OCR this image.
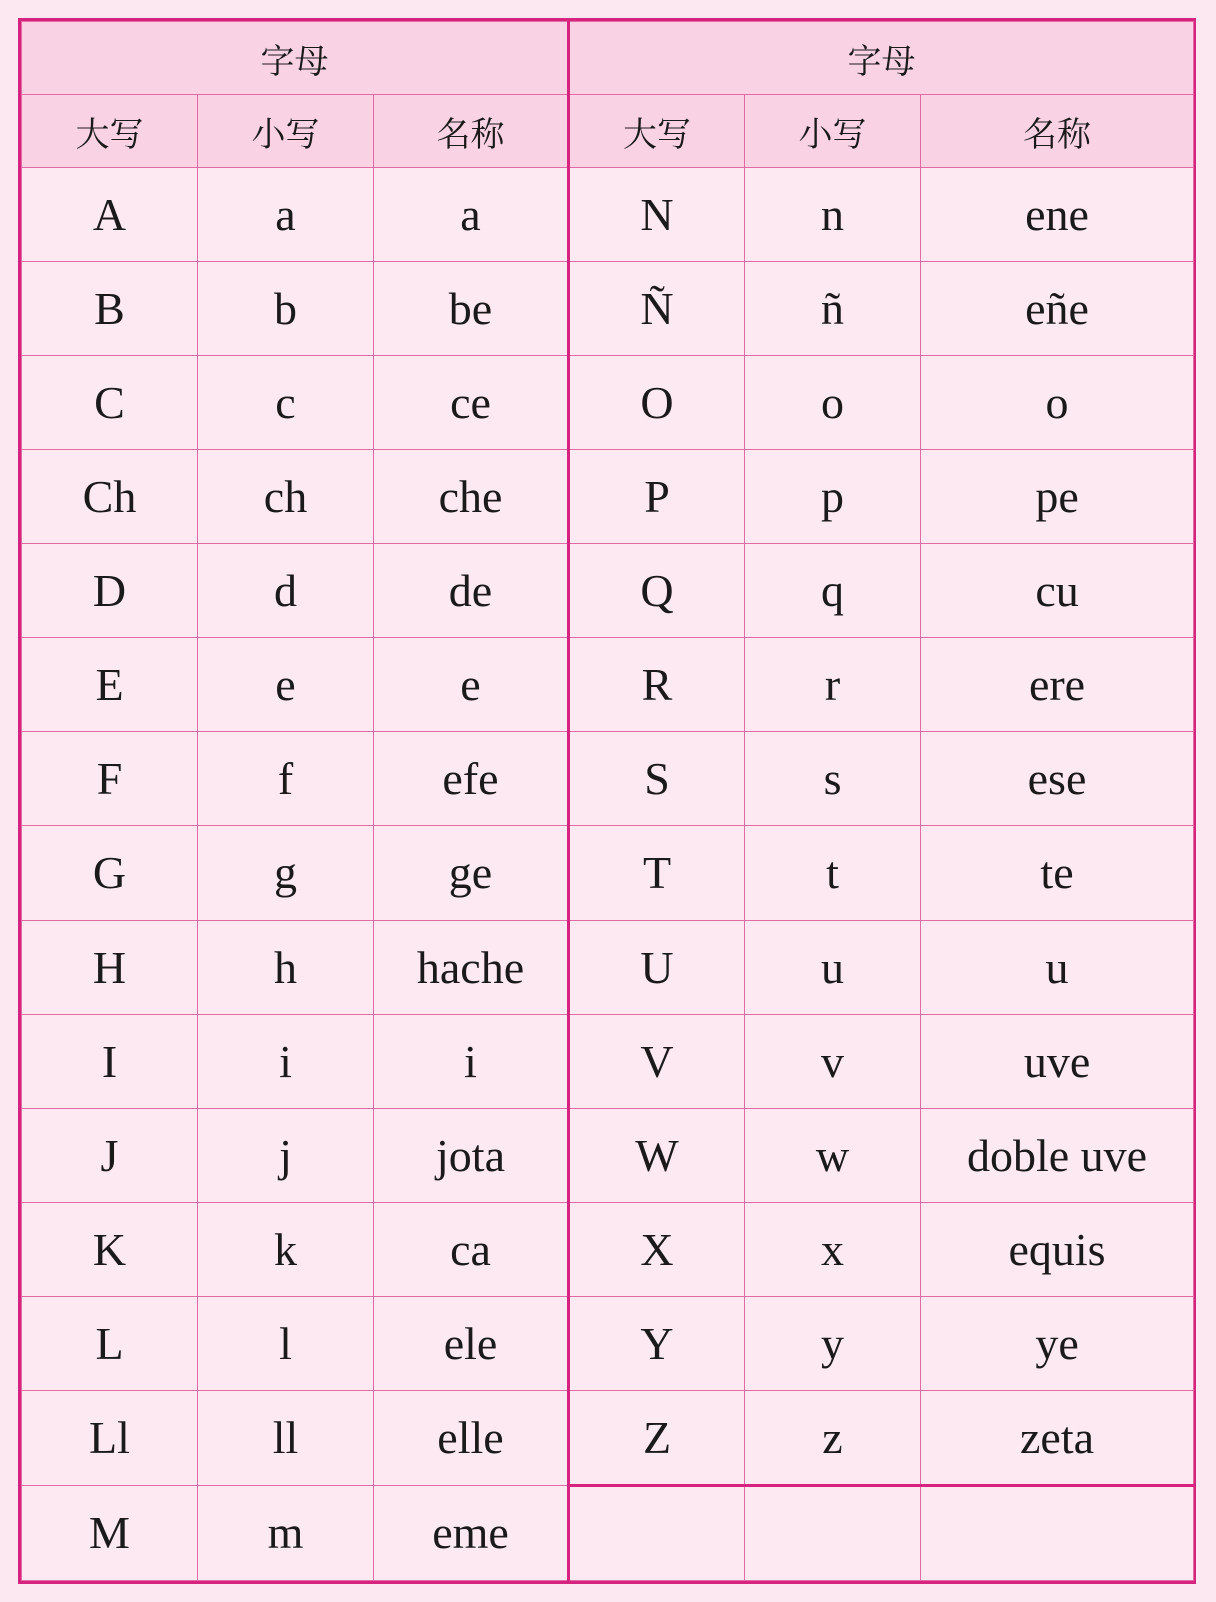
字母			字母		
大写	小写	名称	大写	小写	名称
A	a	a	N	n	ene
B	b	be	Ñ	ñ	eñe
C	c	ce	O	o	o
Ch	ch	che	P	p	pe
D	d	de	Q	q	cu
E	e	e	R	r	ere
F	f	efe	S	s	ese
G	g	ge	T	t	te
H	h	hache	U	u	u
I	i	i	V	v	uve
J	j	jota	W	w	doble uve
K	k	ca	X	x	equis
L	l	ele	Y	y	ye
Ll	ll	elle	Z	z	zeta
M	m	eme			
